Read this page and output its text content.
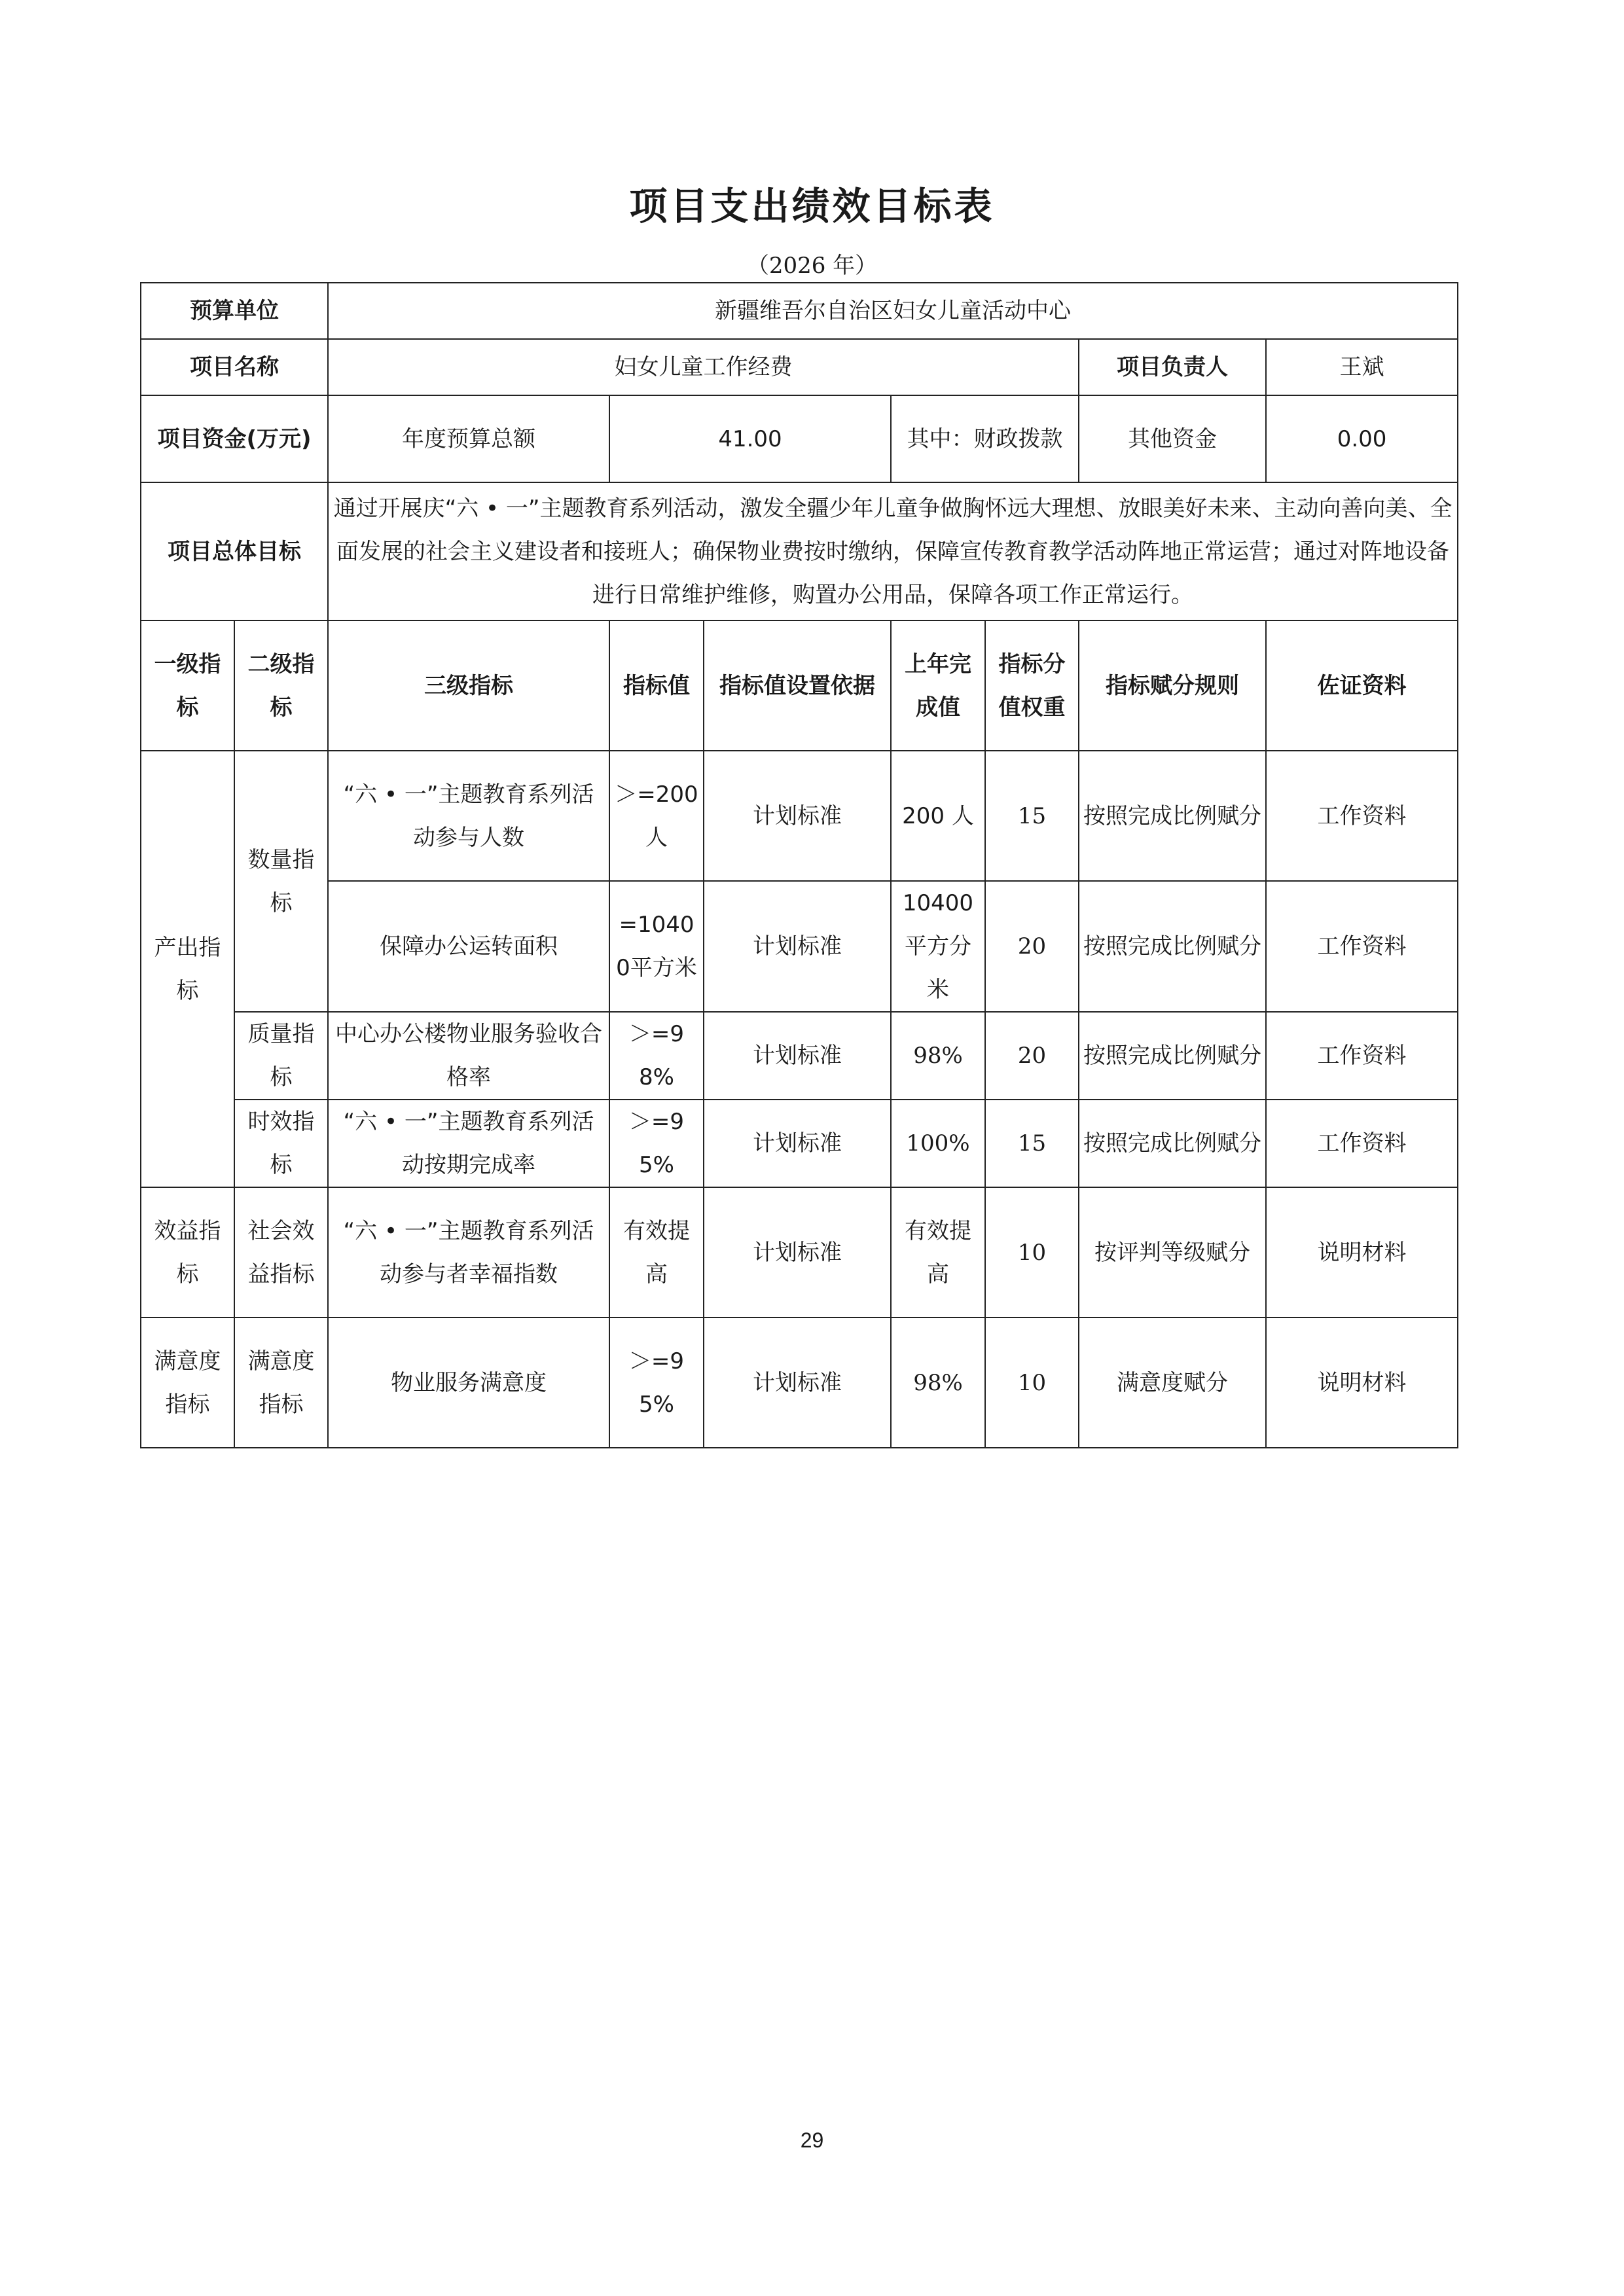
项目支出绩效目标表
（2026 年）
预算单位		新疆维吾尔自治区妇女儿童活动中心						
项目名称		妇女儿童工作经费					项目负责人	王斌
项目资金(万元)		年度预算总额	41.00		其中：财政拨款		其他资金	0.00
项目总体目标		通过开展庆“六 • 一”主题教育系列活动，激发全疆少年儿童争做胸怀远大理想、放眼美好未来、主动向善向美、全面发展的社会主义建设者和接班人；确保物业费按时缴纳，保障宣传教育教学活动阵地正常运营；通过对阵地设备进行日常维护维修，购置办公用品，保障各项工作正常运行。						
一级指标	二级指标	三级指标	指标值	指标值设置依据	上年完成值	指标分值权重	指标赋分规则	佐证资料
产出指标	数量指标	“六 • 一”主题教育系列活动参与人数	＞=200人	计划标准	200 人	15	按照完成比例赋分	工作资料
		保障办公运转面积	=10400平方米	计划标准	10400平方分米	20	按照完成比例赋分	工作资料
	质量指标	中心办公楼物业服务验收合格率	＞=98%	计划标准	98%	20	按照完成比例赋分	工作资料
	时效指标	“六 • 一”主题教育系列活动按期完成率	＞=95%	计划标准	100%	15	按照完成比例赋分	工作资料
效益指标	社会效益指标	“六 • 一”主题教育系列活动参与者幸福指数	有效提高	计划标准	有效提高	10	按评判等级赋分	说明材料
满意度指标	满意度指标	物业服务满意度	＞=95%	计划标准	98%	10	满意度赋分	说明材料
29
